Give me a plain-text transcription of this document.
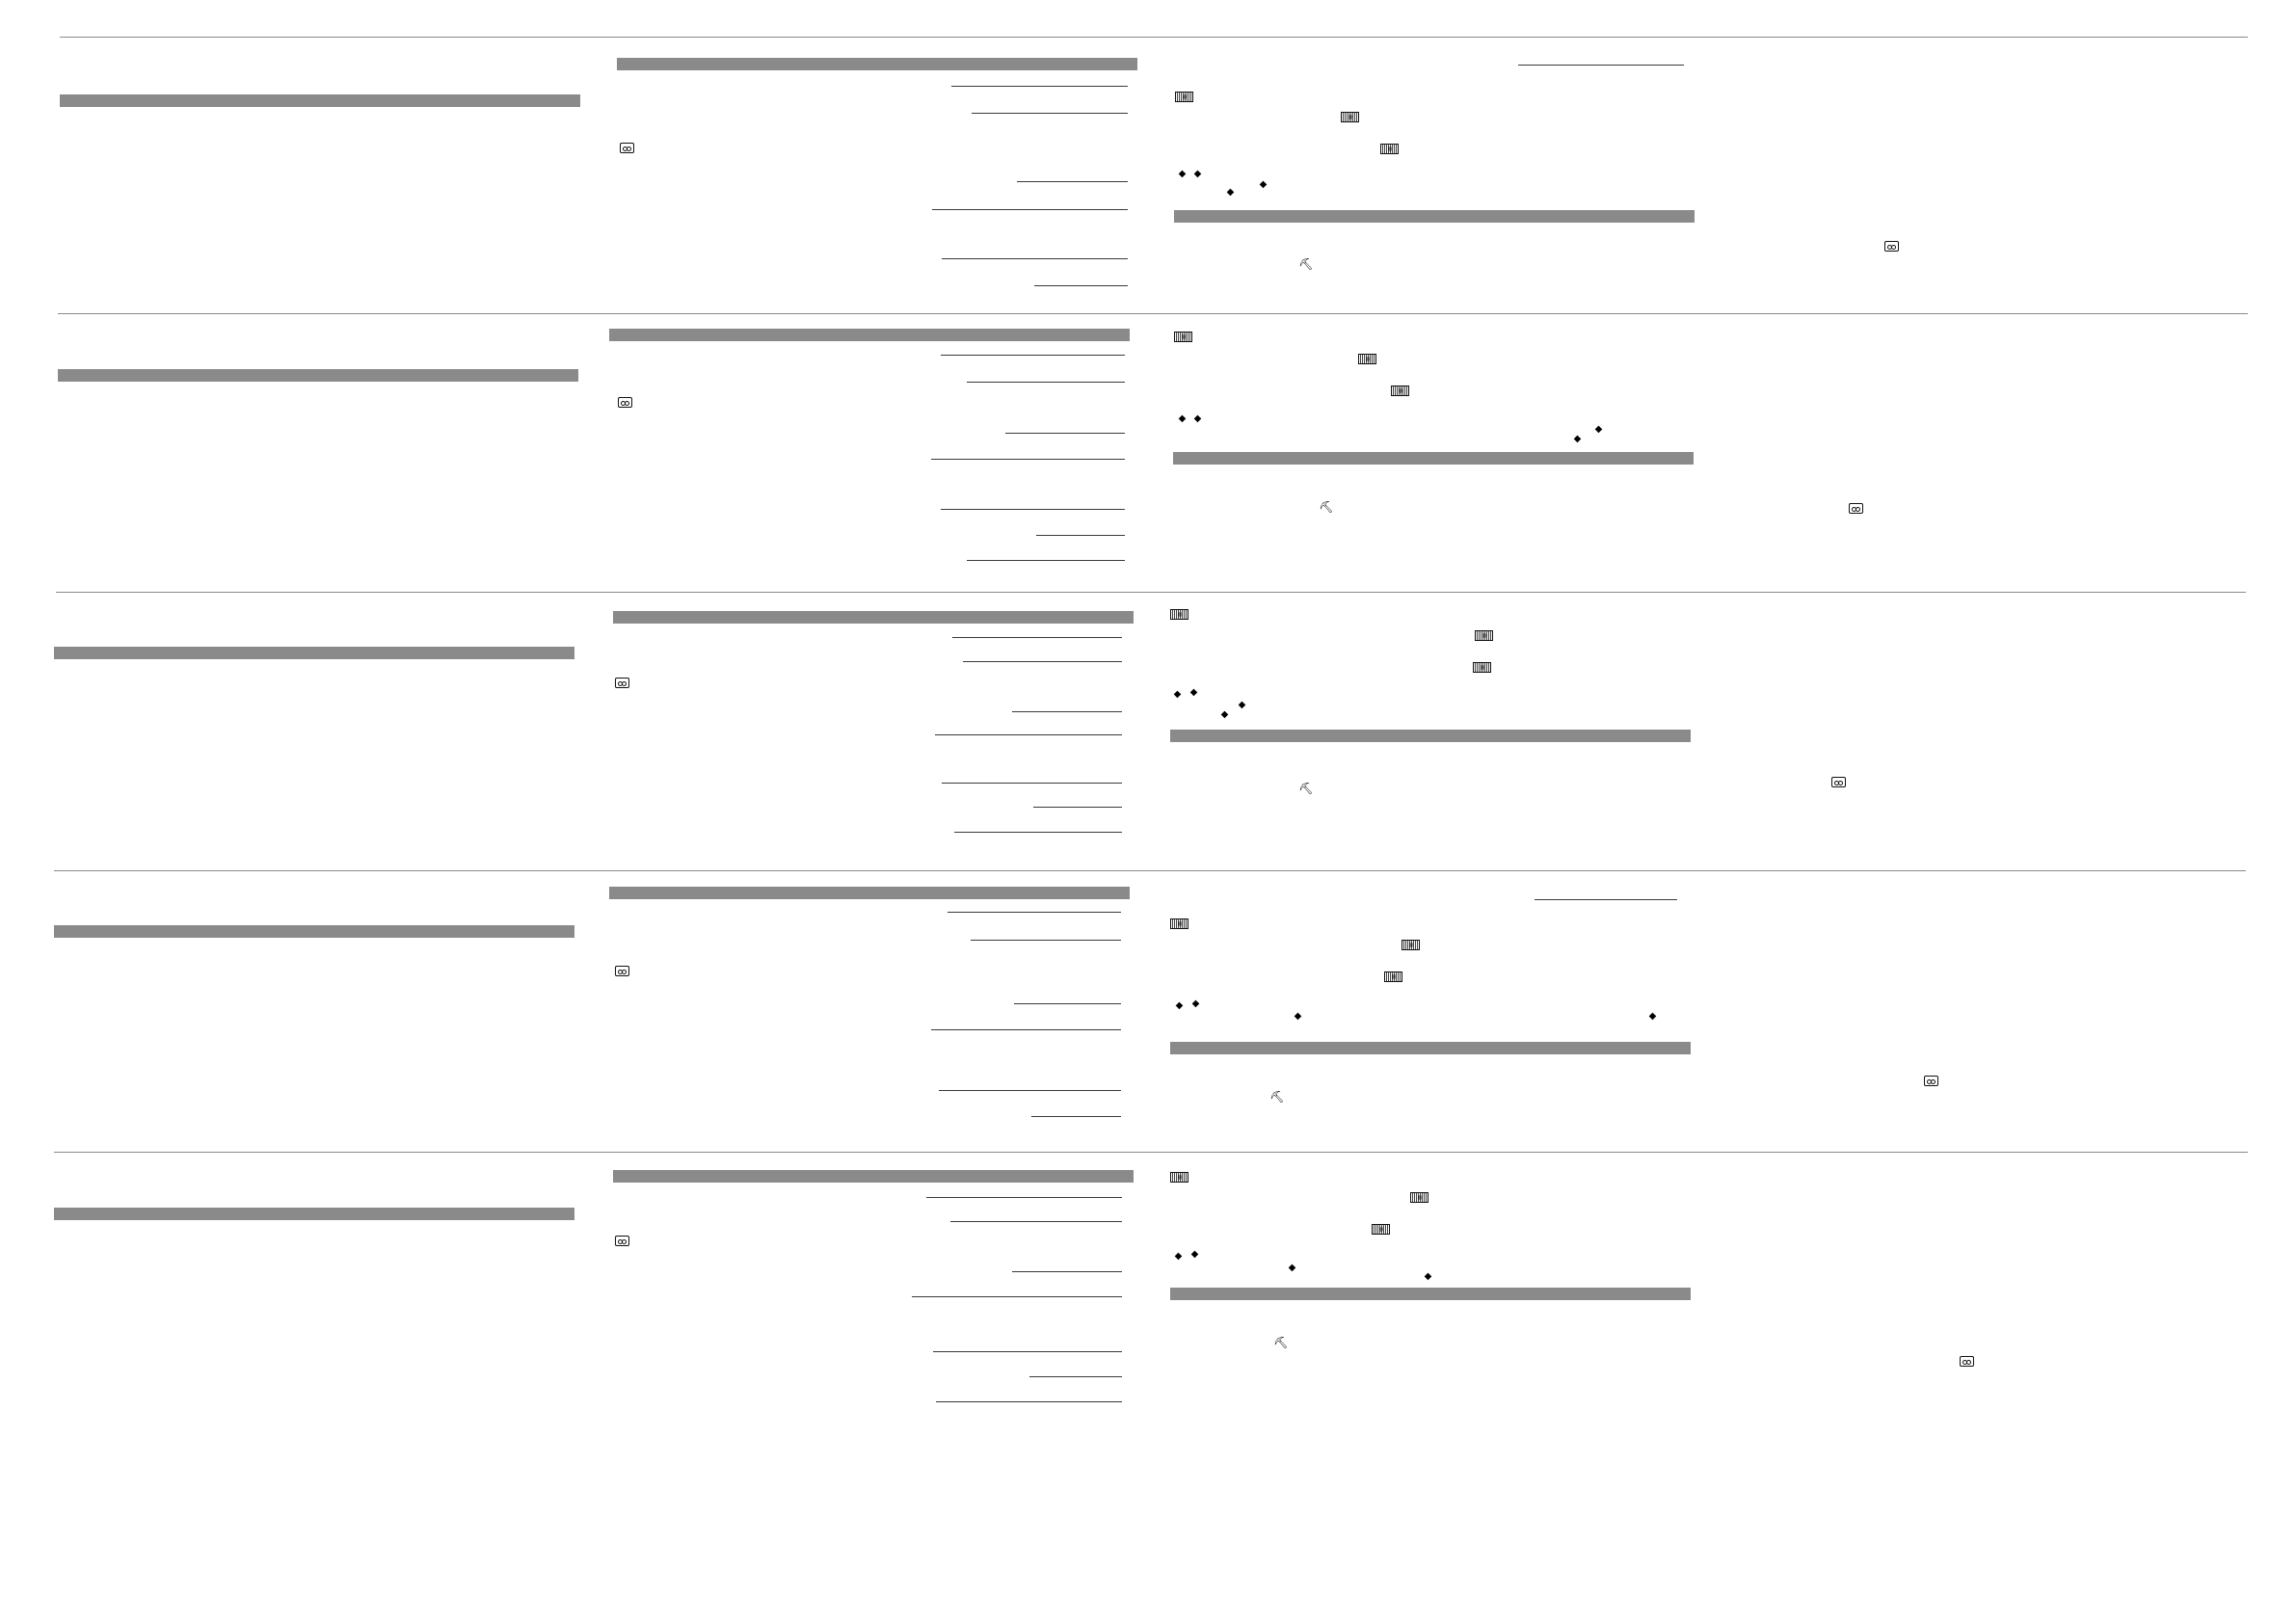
▤
▤
▤
◆ ◆
◆
◆
⛏
▤
▤
▤
◆ ◆
◆
◆
⛏
▤
▤
▤
◆ ◆
◆
◆
⛏
▤
▤
▤
◆ ◆
◆	◆
⛏
▤
▤
▤
◆ ◆
◆
◆
⛏
